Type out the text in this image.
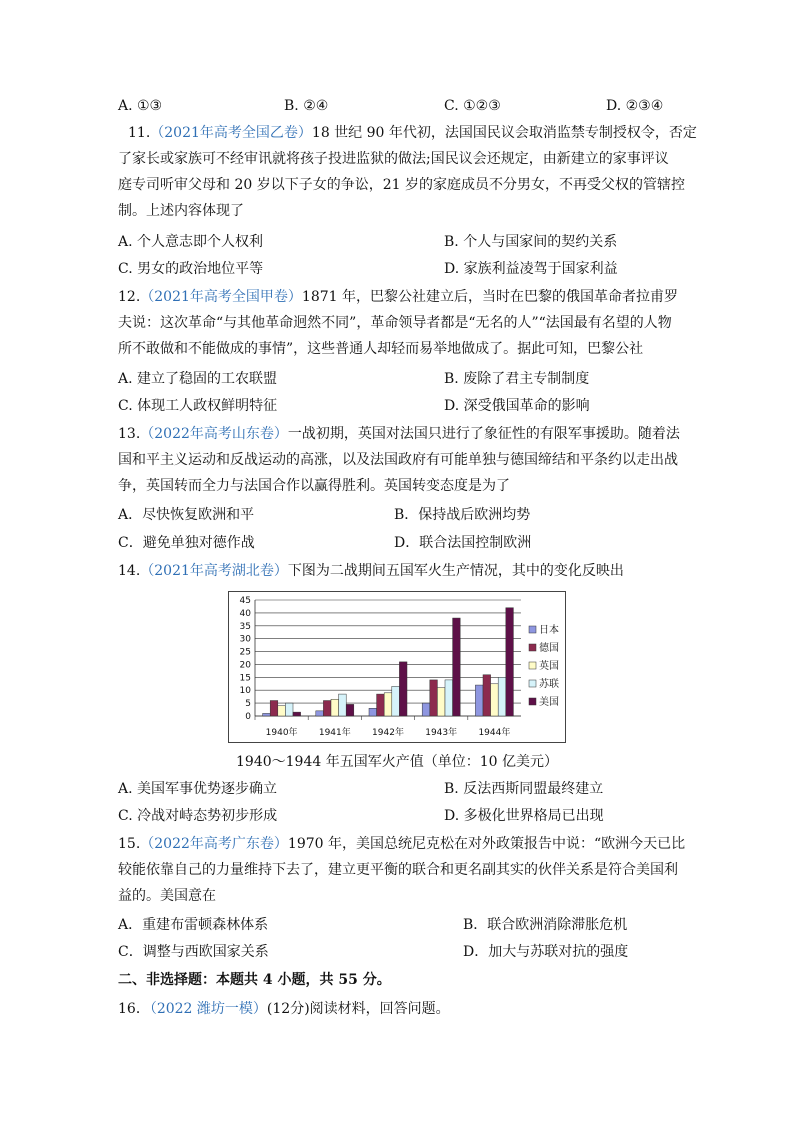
A. ①③	B. ②④	C. ①②③	D. ②③④
11.（2021年高考全国乙卷）18 世纪 90 年代初，法国国民议会取消监禁专制授权令，否定
了家长或家族可不经审讯就将孩子投进监狱的做法;国民议会还规定，由新建立的家事评议
庭专司听审父母和 20 岁以下子女的争讼，21 岁的家庭成员不分男女，不再受父权的管辖控
制。上述内容体现了
A. 个人意志即个人权利	B. 个人与国家间的契约关系
C. 男女的政治地位平等	D. 家族利益凌驾于国家利益
12.（2021年高考全国甲卷）1871 年，巴黎公社建立后，当时在巴黎的俄国革命者拉甫罗
夫说：这次革命“与其他革命迥然不同”，革命领导者都是“无名的人”“法国最有名望的人物
所不敢做和不能做成的事情”，这些普通人却轻而易举地做成了。据此可知，巴黎公社
A. 建立了稳固的工农联盟	B. 废除了君主专制制度
C. 体现工人政权鲜明特征	D. 深受俄国革命的影响
13.（2022年高考山东卷）一战初期，英国对法国只进行了象征性的有限军事援助。随着法
国和平主义运动和反战运动的高涨，以及法国政府有可能单独与德国缔结和平条约以走出战
争，英国转而全力与法国合作以赢得胜利。英国转变态度是为了
A．尽快恢复欧洲和平	B．保持战后欧洲均势
C．避免单独对德作战	D．联合法国控制欧洲
14.（2021年高考湖北卷）下图为二战期间五国军火生产情况，其中的变化反映出
0
5
10
15
20
25
30
35
40
45
1940年 1941年 1942年 1943年 1944年
日本
德国
英国
苏联
美国
1940～1944 年五国军火产值（单位：10 亿美元）
A. 美国军事优势逐步确立	B. 反法西斯同盟最终建立
C. 冷战对峙态势初步形成	D. 多极化世界格局已出现
15.（2022年高考广东卷）1970 年，美国总统尼克松在对外政策报告中说：“欧洲今天已比
较能依靠自己的力量维持下去了，建立更平衡的联合和更名副其实的伙伴关系是符合美国利
益的。美国意在
A．重建布雷顿森林体系	B．联合欧洲消除滞胀危机
C．调整与西欧国家关系	D．加大与苏联对抗的强度
二、非选择题：本题共 4 小题，共 55 分。
16．（2022 潍坊一模）(12分)阅读材料，回答问题。
